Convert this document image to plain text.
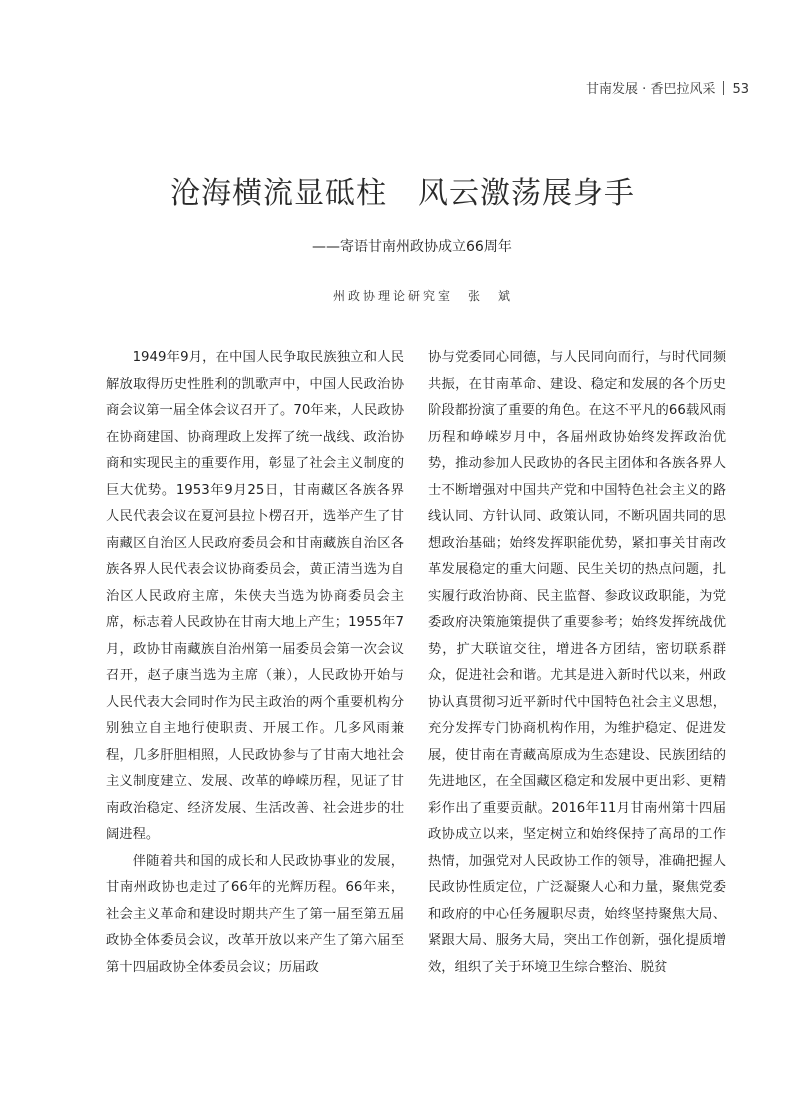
甘南发展 · 香巴拉风采 53
沧海横流显砥柱　风云激荡展身手
——寄语甘南州政协成立66周年
州政协理论研究室　张　斌

1949年9月，在中国人民争取民族独立和人民解放取得历史性胜利的凯歌声中，中国人民政治协商会议第一届全体会议召开了。70年来，人民政协在协商建国、协商理政上发挥了统一战线、政治协商和实现民主的重要作用，彰显了社会主义制度的巨大优势。1953年9月25日，甘南藏区各族各界人民代表会议在夏河县拉卜楞召开，选举产生了甘南藏区自治区人民政府委员会和甘南藏族自治区各族各界人民代表会议协商委员会，黄正清当选为自治区人民政府主席，朱侠夫当选为协商委员会主席，标志着人民政协在甘南大地上产生；1955年7月，政协甘南藏族自治州第一届委员会第一次会议召开，赵子康当选为主席（兼），人民政协开始与人民代表大会同时作为民主政治的两个重要机构分别独立自主地行使职责、开展工作。几多风雨兼程，几多肝胆相照，人民政协参与了甘南大地社会主义制度建立、发展、改革的峥嵘历程，见证了甘南政治稳定、经济发展、生活改善、社会进步的壮阔进程。

伴随着共和国的成长和人民政协事业的发展，甘南州政协也走过了66年的光辉历程。66年来，社会主义革命和建设时期共产生了第一届至第五届政协全体委员会议，改革开放以来产生了第六届至第十四届政协全体委员会议；历届政

协与党委同心同德，与人民同向而行，与时代同频共振，在甘南革命、建设、稳定和发展的各个历史阶段都扮演了重要的角色。在这不平凡的66载风雨历程和峥嵘岁月中，各届州政协始终发挥政治优势，推动参加人民政协的各民主团体和各族各界人士不断增强对中国共产党和中国特色社会主义的路线认同、方针认同、政策认同，不断巩固共同的思想政治基础；始终发挥职能优势，紧扣事关甘南改革发展稳定的重大问题、民生关切的热点问题，扎实履行政治协商、民主监督、参政议政职能，为党委政府决策施策提供了重要参考；始终发挥统战优势，扩大联谊交往，增进各方团结，密切联系群众，促进社会和谐。尤其是进入新时代以来，州政协认真贯彻习近平新时代中国特色社会主义思想，充分发挥专门协商机构作用，为维护稳定、促进发展，使甘南在青藏高原成为生态建设、民族团结的先进地区，在全国藏区稳定和发展中更出彩、更精彩作出了重要贡献。2016年11月甘南州第十四届政协成立以来，坚定树立和始终保持了高昂的工作热情，加强党对人民政协工作的领导，准确把握人民政协性质定位，广泛凝聚人心和力量，聚焦党委和政府的中心任务履职尽责，始终坚持聚焦大局、紧跟大局、服务大局，突出工作创新，强化提质增效，组织了关于环境卫生综合整治、脱贫
